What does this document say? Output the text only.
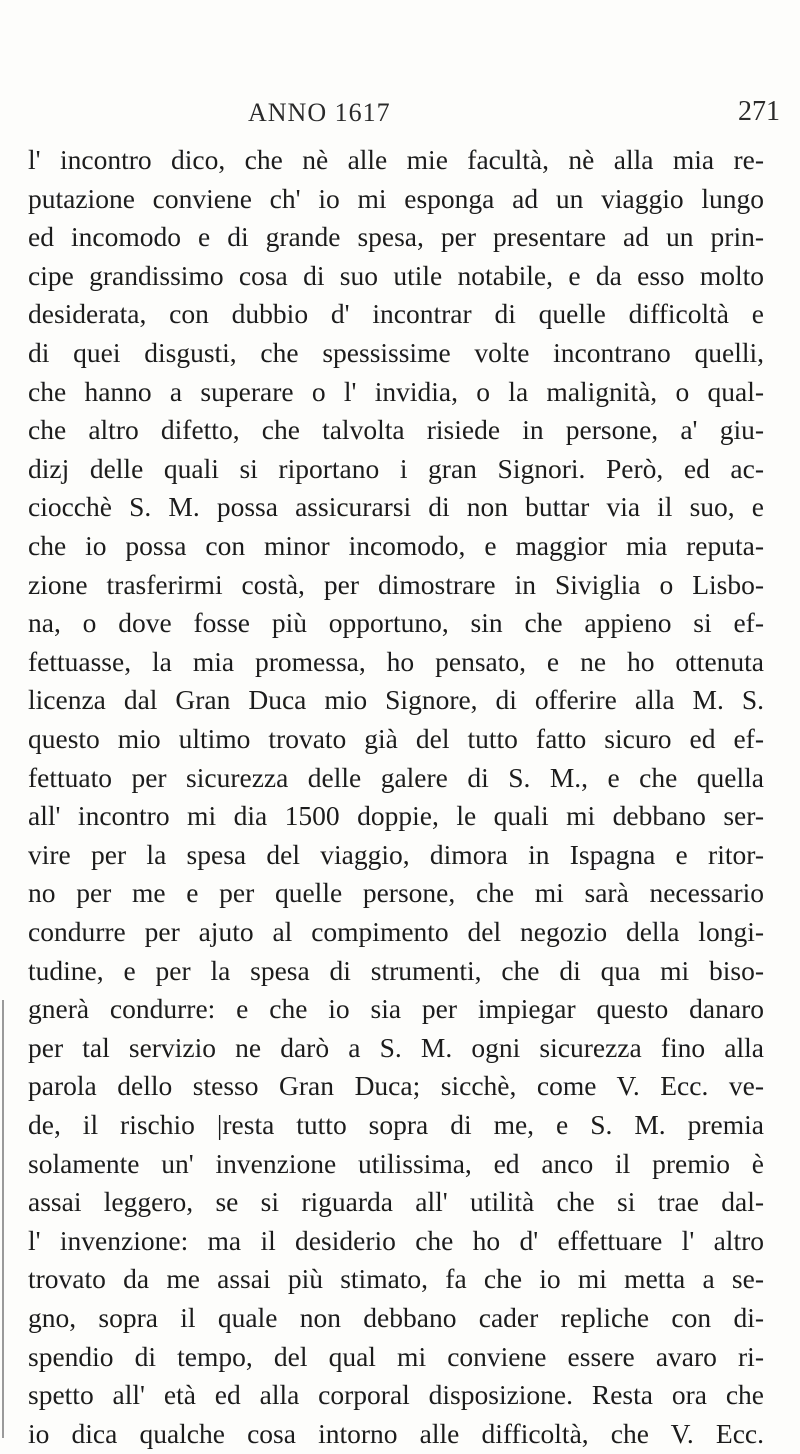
ANNO 1617	271
l' incontro dico, che nè alle mie facultà, nè alla mia re-
putazione conviene ch' io mi esponga ad un viaggio lungo
ed incomodo e di grande spesa, per presentare ad un prin-
cipe grandissimo cosa di suo utile notabile, e da esso molto
desiderata, con dubbio d' incontrar di quelle difficoltà e
di quei disgusti, che spessissime volte incontrano quelli,
che hanno a superare o l' invidia, o la malignità, o qual-
che altro difetto, che talvolta risiede in persone, a' giu-
dizj delle quali si riportano i gran Signori. Però, ed ac-
ciocchè S. M. possa assicurarsi di non buttar via il suo, e
che io possa con minor incomodo, e maggior mia reputa-
zione trasferirmi costà, per dimostrare in Siviglia o Lisbo-
na, o dove fosse più opportuno, sin che appieno si ef-
fettuasse, la mia promessa, ho pensato, e ne ho ottenuta
licenza dal Gran Duca mio Signore, di offerire alla M. S.
questo mio ultimo trovato già del tutto fatto sicuro ed ef-
fettuato per sicurezza delle galere di S. M., e che quella
all' incontro mi dia 1500 doppie, le quali mi debbano ser-
vire per la spesa del viaggio, dimora in Ispagna e ritor-
no per me e per quelle persone, che mi sarà necessario
condurre per ajuto al compimento del negozio della longi-
tudine, e per la spesa di strumenti, che di qua mi biso-
gnerà condurre: e che io sia per impiegar questo danaro
per tal servizio ne darò a S. M. ogni sicurezza fino alla
parola dello stesso Gran Duca; sicchè, come V. Ecc. ve-
de, il rischio |resta tutto sopra di me, e S. M. premia
solamente un' invenzione utilissima, ed anco il premio è
assai leggero, se si riguarda all' utilità che si trae dal-
l' invenzione: ma il desiderio che ho d' effettuare l' altro
trovato da me assai più stimato, fa che io mi metta a se-
gno, sopra il quale non debbano cader repliche con di-
spendio di tempo, del qual mi conviene essere avaro ri-
spetto all' età ed alla corporal disposizione. Resta ora che
io dica qualche cosa intorno alle difficoltà, che V. Ecc.
